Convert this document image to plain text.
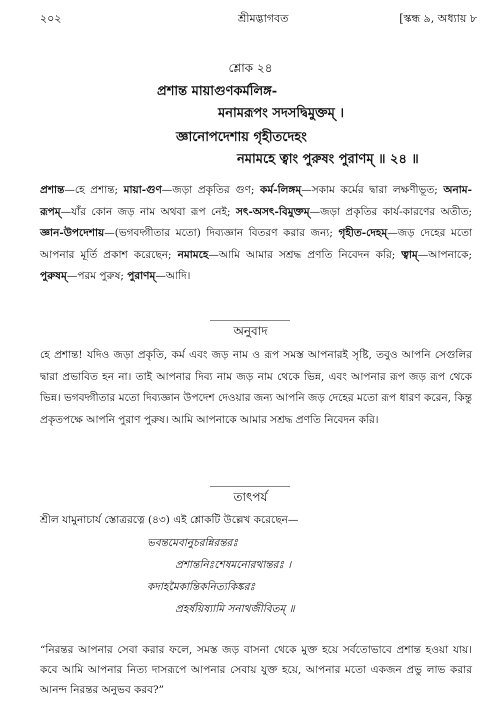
২০২	শ্রীমদ্ভাগবত	[স্কন্ধ ৯, অধ্যায় ৮
শ্লোক ২৪
প্রশান্ত মায়াগুণকর্মলিঙ্গ-
মনামরূপং সদসদ্বিমুক্তম্ ।
জ্ঞানোপদেশায় গৃহীতদেহং
নমামহে ত্বাং পুরুষং পুরাণম্ ॥ ২৪ ॥
প্রশান্ত—হে প্রশান্ত; মায়া-গুণ—জড়া প্রকৃতির গুণ; কর্ম-লিঙ্গম্—সকাম কর্মের দ্বারা লক্ষণীভূত; অনাম-রূপম্—যাঁর কোন জড় নাম অথবা রূপ নেই; সৎ-অসৎ-বিমুক্তম্—জড়া প্রকৃতির কার্য-কারণের অতীত; জ্ঞান-উপদেশায়—(ভগবদ্গীতার মতো) দিব্যজ্ঞান বিতরণ করার জন্য; গৃহীত-দেহম্—জড় দেহের মতো আপনার মূর্তি প্রকাশ করেছেন; নমামহে—আমি আমার সশ্রদ্ধ প্রণতি নিবেদন করি; ত্বাম্—আপনাকে; পুরুষম্—পরম পুরুষ; পুরাণম্—আদি।
অনুবাদ
হে প্রশান্ত! যদিও জড়া প্রকৃতি, কর্ম এবং জড় নাম ও রূপ সমস্ত আপনারই সৃষ্টি, তবুও আপনি সেগুলির দ্বারা প্রভাবিত হন না। তাই আপনার দিব্য নাম জড় নাম থেকে ভিন্ন, এবং আপনার রূপ জড় রূপ থেকে ভিন্ন। ভগবদ্গীতার মতো দিব্যজ্ঞান উপদেশ দেওয়ার জন্য আপনি জড় দেহের মতো রূপ ধারণ করেন, কিন্তু প্রকৃতপক্ষে আপনি পুরাণ পুরুষ। আমি আপনাকে আমার সশ্রদ্ধ প্রণতি নিবেদন করি।
তাৎপর্য
শ্রীল যামুনাচার্য স্তোত্ররত্নে (৪৩) এই শ্লোকটি উল্লেখ করেছেন—
ভবন্তমেবানুচরন্নিরন্তরঃ
প্রশান্তনিঃশেষমনোরথান্তরঃ ।
কদাহমৈকান্তিকনিত্যকিঙ্করঃ
প্রহর্ষয়িষ্যামি সনাথজীবিতম্ ॥
“নিরন্তর আপনার সেবা করার ফলে, সমস্ত জড় বাসনা থেকে মুক্ত হয়ে সর্বতোভাবে প্রশান্ত হওয়া যায়। কবে আমি আপনার নিত্য দাসরূপে আপনার সেবায় যুক্ত হয়ে, আপনার মতো একজন প্রভু লাভ করার আনন্দ নিরন্তর অনুভব করব?”
